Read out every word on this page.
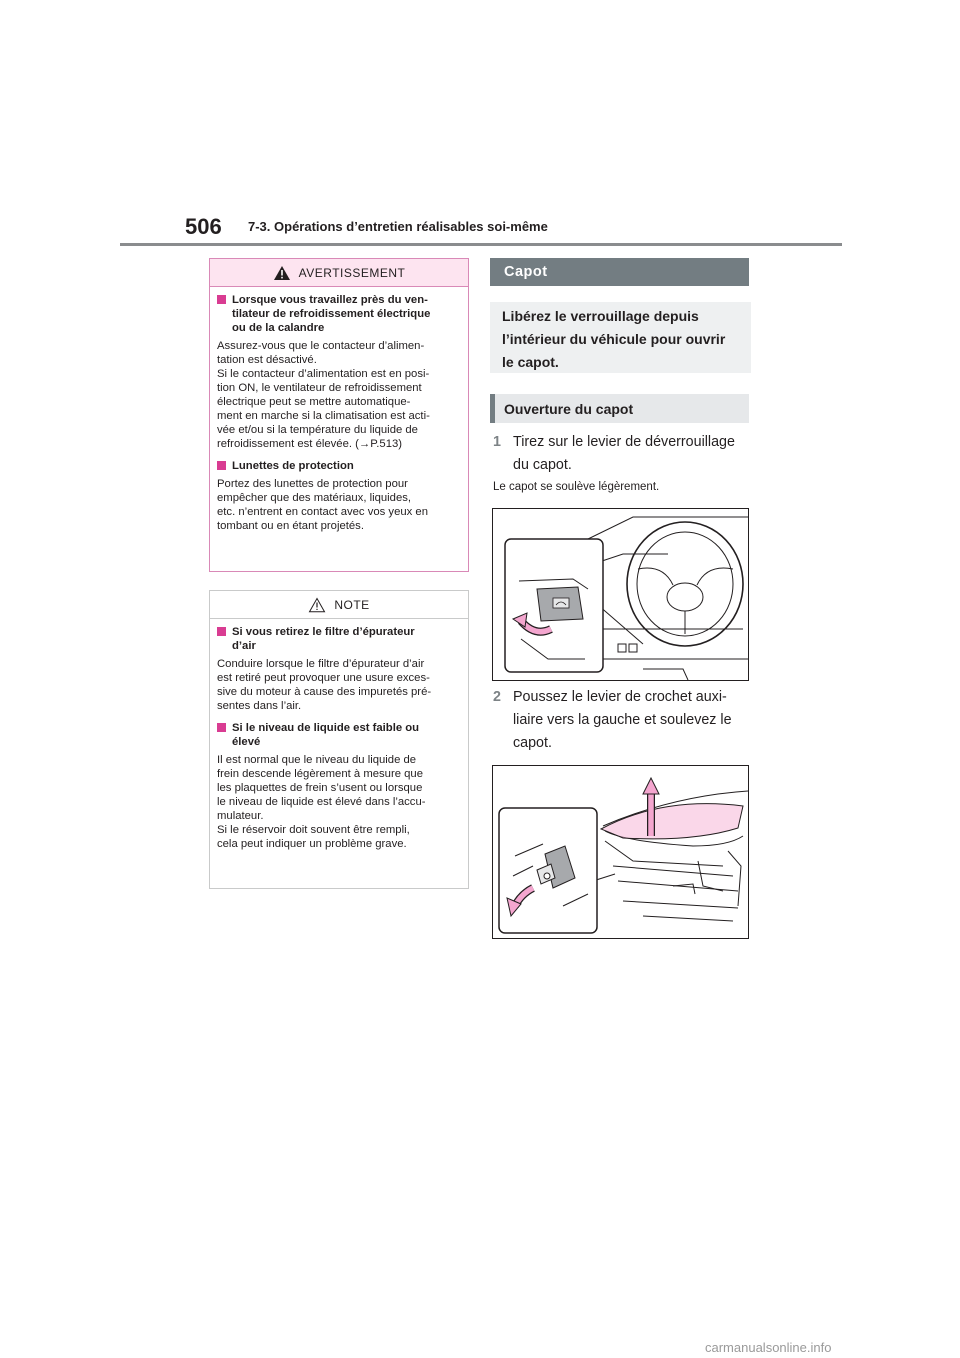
506 7-3. Opérations d’entretien réalisables soi-même
AVERTISSEMENT
Lorsque vous travaillez près du ven-
tilateur de refroidissement électrique
ou de la calandre
Assurez-vous que le contacteur d’alimen-
tation est désactivé.
Si le contacteur d’alimentation est en posi-
tion ON, le ventilateur de refroidissement
électrique peut se mettre automatique-
ment en marche si la climatisation est acti-
vée et/ou si la température du liquide de
refroidissement est élevée. (→P.513)
Lunettes de protection
Portez des lunettes de protection pour
empêcher que des matériaux, liquides,
etc. n’entrent en contact avec vos yeux en
tombant ou en étant projetés.
NOTE
Si vous retirez le filtre d’épurateur
d’air
Conduire lorsque le filtre d’épurateur d’air
est retiré peut provoquer une usure exces-
sive du moteur à cause des impuretés pré-
sentes dans l’air.
Si le niveau de liquide est faible ou
élevé
Il est normal que le niveau du liquide de
frein descende légèrement à mesure que
les plaquettes de frein s’usent ou lorsque
le niveau de liquide est élevé dans l’accu-
mulateur.
Si le réservoir doit souvent être rempli,
cela peut indiquer un problème grave.
Capot
Libérez le verrouillage depuis
l’intérieur du véhicule pour ouvrir
le capot.
Ouverture du capot
1 Tirez sur le levier de déverrouillage
du capot.
Le capot se soulève légèrement.
2 Poussez le levier de crochet auxi-
liaire vers la gauche et soulevez le
capot.
carmanualsonline.info
